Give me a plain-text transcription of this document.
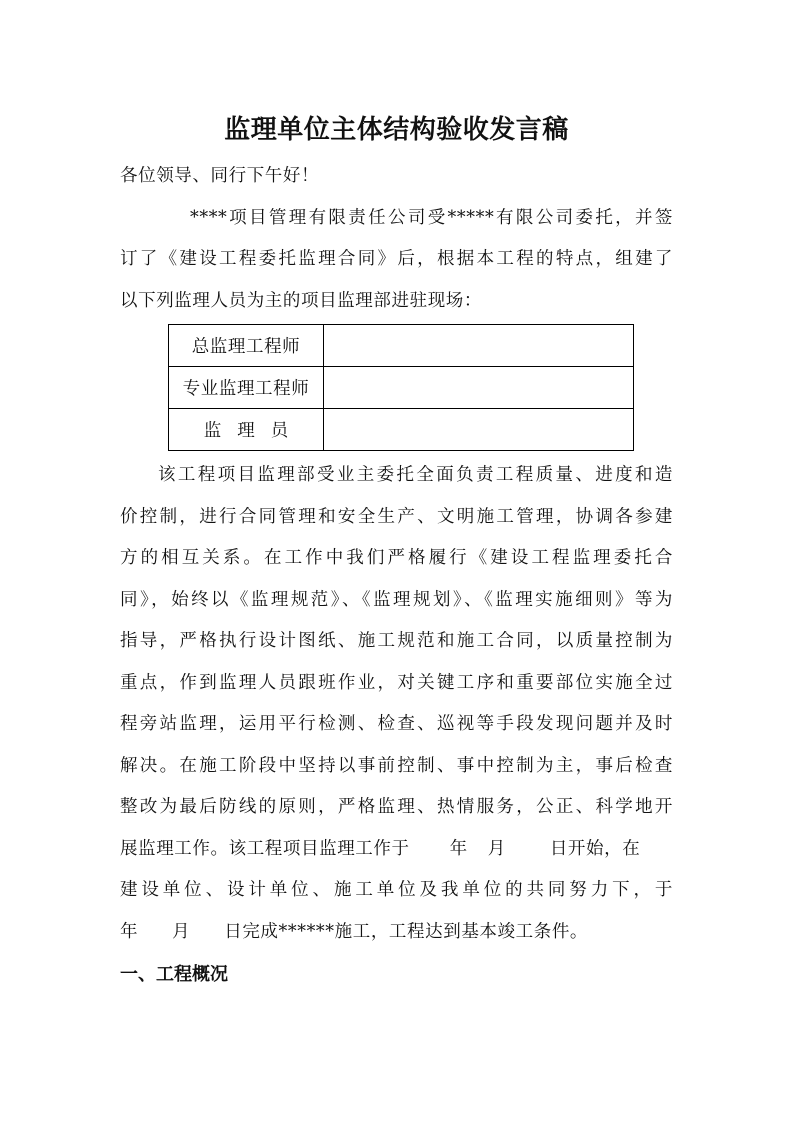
监理单位主体结构验收发言稿
各位领导、同行下午好！
****项目管理有限责任公司受*****有限公司委托，并签
订了《建设工程委托监理合同》后，根据本工程的特点，组建了
以下列监理人员为主的项目监理部进驻现场：
总监理工程师	
专业监理工程师	
监理员	
该工程项目监理部受业主委托全面负责工程质量、进度和造
价控制，进行合同管理和安全生产、文明施工管理，协调各参建
方的相互关系。在工作中我们严格履行《建设工程监理委托合
同》，始终以《监理规范》、《监理规划》、《监理实施细则》等为
指导，严格执行设计图纸、施工规范和施工合同，以质量控制为
重点，作到监理人员跟班作业，对关键工序和重要部位实施全过
程旁站监理，运用平行检测、检查、巡视等手段发现问题并及时
解决。在施工阶段中坚持以事前控制、事中控制为主，事后检查
整改为最后防线的原则，严格监理、热情服务，公正、科学地开
展监理工作。该工程项目监理工作于 年 月	日开始，在
建设单位、设计单位、施工单位及我单位的共同努力下，于
年 月 日完成******施工，工程达到基本竣工条件。
一、工程概况
